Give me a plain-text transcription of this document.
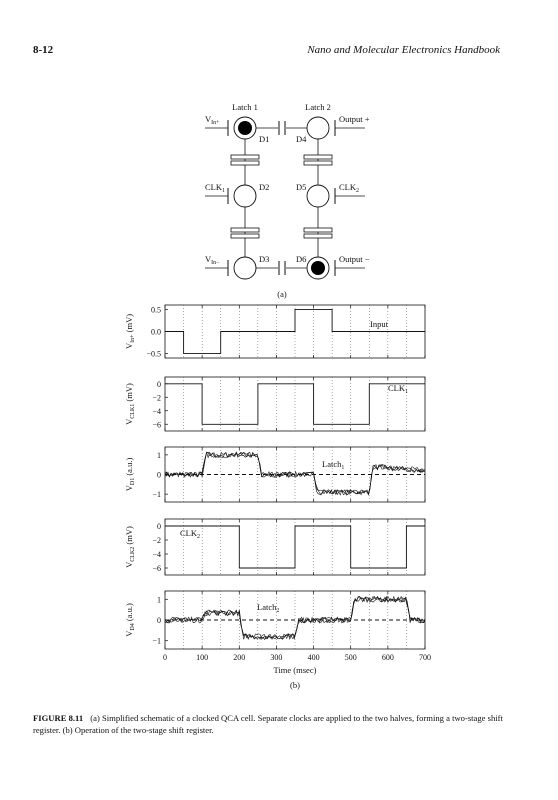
8-12	Nano and Molecular Electronics Handbook
D1
D2
D3
D4
D5
D6
$V_{In+}$
$CLK_1$
$V_{In-}$
Output +
$CLK_2$
Output −
Latch 1	Latch 2
(a)
0.5
0.0
−0.5
$V_{In+}$ (mV)	Input
0
−2
−4
−6
$V_{CLK1}$ (mV)	$CLK_1$
1
0
−1
$V_{D1}$ (a.u.)	Latch$_1$
0
−2
−4
−6
$V_{CLK2}$ (mV)	$CLK_2$
1
0
−1
$V_{D4}$ (a.u.)	Latch$_2$
0	100	200	300	400	500	600	700
Time (msec)
(b)
FIGURE 8.11 (a) Simplified schematic of a clocked QCA cell. Separate clocks are applied to the two halves, forming a two-stage shift register. (b) Operation of the two-stage shift register.
